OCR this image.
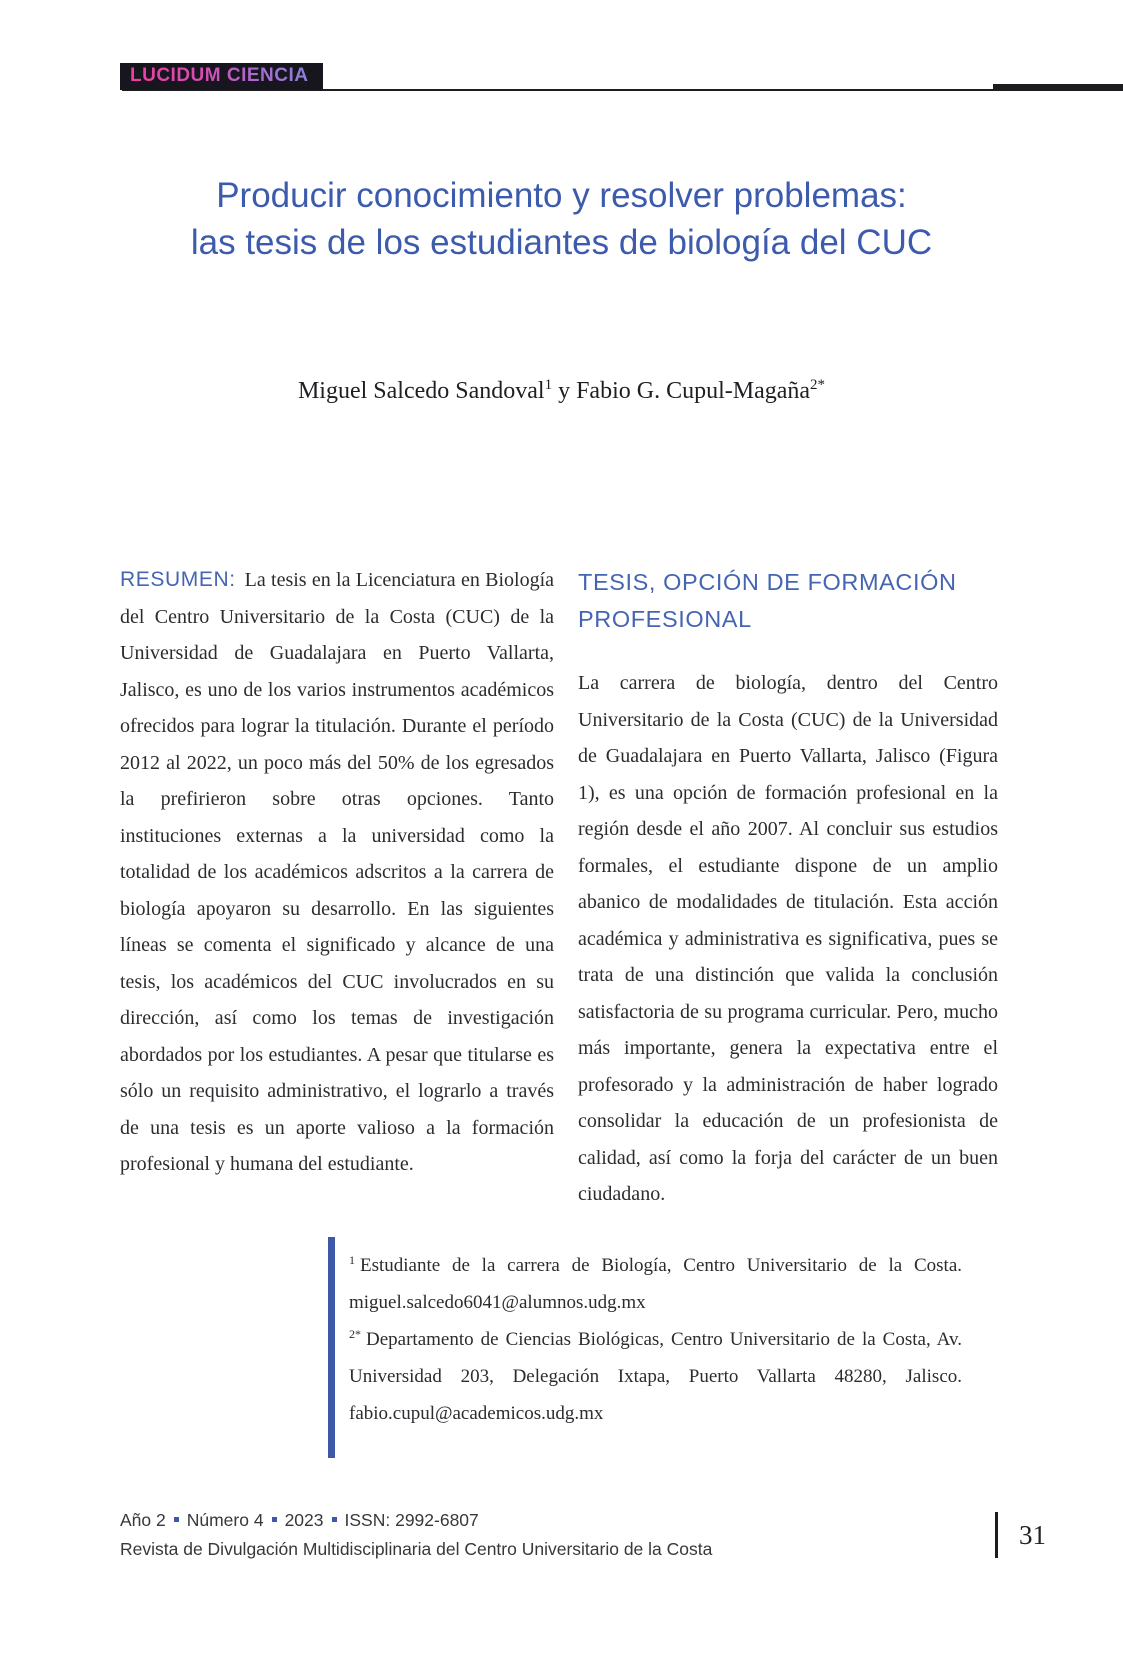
LUCIDUM CIENCIA
Producir conocimiento y resolver problemas:
las tesis de los estudiantes de biología del CUC
Miguel Salcedo Sandoval$^1$ y Fabio G. Cupul-Magaña$^{2*}$

RESUMEN: La tesis en la Licenciatura en Biología del Centro Universitario de la Costa (CUC) de la Universidad de Guadalajara en Puerto Vallarta, Jalisco, es uno de los varios instrumentos académicos ofrecidos para lograr la titulación. Durante el período 2012 al 2022, un poco más del 50% de los egresados la prefirieron sobre otras opciones. Tanto instituciones externas a la universidad como la totalidad de los académicos adscritos a la carrera de biología apoyaron su desarrollo. En las siguientes líneas se comenta el significado y alcance de una tesis, los académicos del CUC involucrados en su dirección, así como los temas de investigación abordados por los estudiantes. A pesar que titularse es sólo un requisito administrativo, el lograrlo a través de una tesis es un aporte valioso a la formación profesional y humana del estudiante.

TESIS, OPCIÓN DE FORMACIÓN PROFESIONAL

La carrera de biología, dentro del Centro Universitario de la Costa (CUC) de la Universidad de Guadalajara en Puerto Vallarta, Jalisco (Figura 1), es una opción de formación profesional en la región desde el año 2007. Al concluir sus estudios formales, el estudiante dispone de un amplio abanico de modalidades de titulación. Esta acción académica y administrativa es significativa, pues se trata de una distinción que valida la conclusión satisfactoria de su programa curricular. Pero, mucho más importante, genera la expectativa entre el profesorado y la administración de haber logrado consolidar la educación de un profesionista de calidad, así como la forja del carácter de un buen ciudadano.

$^1$ Estudiante de la carrera de Biología, Centro Universitario de la Costa. miguel.salcedo6041@alumnos.udg.mx

$^{2*}$ Departamento de Ciencias Biológicas, Centro Universitario de la Costa, Av. Universidad 203, Delegación Ixtapa, Puerto Vallarta 48280, Jalisco. fabio.cupul@academicos.udg.mx

Año 2 Número 4 2023 ISSN: 2992-6807
Revista de Divulgación Multidisciplinaria del Centro Universitario de la Costa	31
